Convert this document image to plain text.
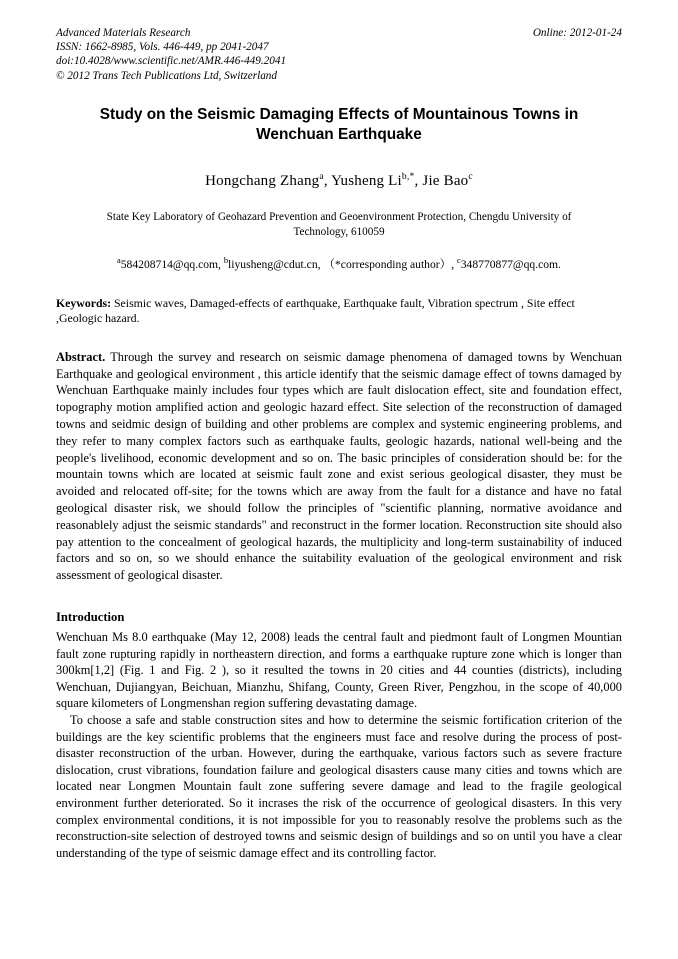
Advanced Materials Research
ISSN: 1662-8985, Vols. 446-449, pp 2041-2047
doi:10.4028/www.scientific.net/AMR.446-449.2041
© 2012 Trans Tech Publications Ltd, Switzerland
Online: 2012-01-24
Study on the Seismic Damaging Effects of Mountainous Towns in Wenchuan Earthquake
Hongchang Zhang$^a$, Yusheng $Li^{b,*}$, Jie Bao$^c$
State Key Laboratory of Geohazard Prevention and Geoenvironment Protection, Chengdu University of Technology, 610059
$^a$584208714@qq.com, $^b$liyusheng@cdut.cn, （*corresponding author）, $^c$348770877@qq.com.
Keywords: Seismic waves, Damaged-effects of earthquake, Earthquake fault, Vibration spectrum , Site effect ,Geologic hazard.
Abstract. Through the survey and research on seismic damage phenomena of damaged towns by Wenchuan Earthquake and geological environment , this article identify that the seismic damage effect of towns damaged by Wenchuan Earthquake mainly includes four types which are fault dislocation effect, site and foundation effect, topography motion amplified action and geologic hazard effect. Site selection of the reconstruction of damaged towns and seidmic design of building and other problems are complex and systemic engineering problems, and they refer to many complex factors such as earthquake faults, geologic hazards, national well-being and the people's livelihood, economic development and so on. The basic principles of consideration should be: for the mountain towns which are located at seismic fault zone and exist serious geological disaster, they must be avoided and relocated off-site; for the towns which are away from the fault for a distance and have no fatal geological disaster risk, we should follow the principles of "scientific planning, normative avoidance and reasonablely adjust the seismic standards" and reconstruct in the former location. Reconstruction site should also pay attention to the concealment of geological hazards, the multiplicity and long-term sustainability of induced factors and so on, so we should enhance the suitability evaluation of the geological environment and risk assessment of geological disaster.
Introduction

Wenchuan Ms 8.0 earthquake (May 12, 2008) leads the central fault and piedmont fault of Longmen Mountian fault zone rupturing rapidly in northeastern direction, and forms a earthquake rupture zone which is longer than 300km[1,2] (Fig. 1 and Fig. 2 ), so it resulted the towns in 20 cities and 44 counties (districts), including Wenchuan, Dujiangyan, Beichuan, Mianzhu, Shifang, County, Green River, Pengzhou, in the scope of 40,000 square kilometers of Longmenshan region suffering devastating damage.

To choose a safe and stable construction sites and how to determine the seismic fortification criterion of the buildings are the key scientific problems that the engineers must face and resolve during the process of post-disaster reconstruction of the urban. However, during the earthquake, various factors such as severe fracture dislocation, crust vibrations, foundation failure and geological disasters cause many cities and towns which are located near Longmen Mountain fault zone suffering severe damage and lead to the fragile geological environment further deteriorated. So it incrases the risk of the occurrence of geological disasters. In this very complex environmental conditions, it is not impossible for you to reasonably resolve the problems such as the reconstruction-site selection of destroyed towns and seismic design of buildings and so on until you have a clear understanding of the type of seismic damage effect and its controlling factor.
